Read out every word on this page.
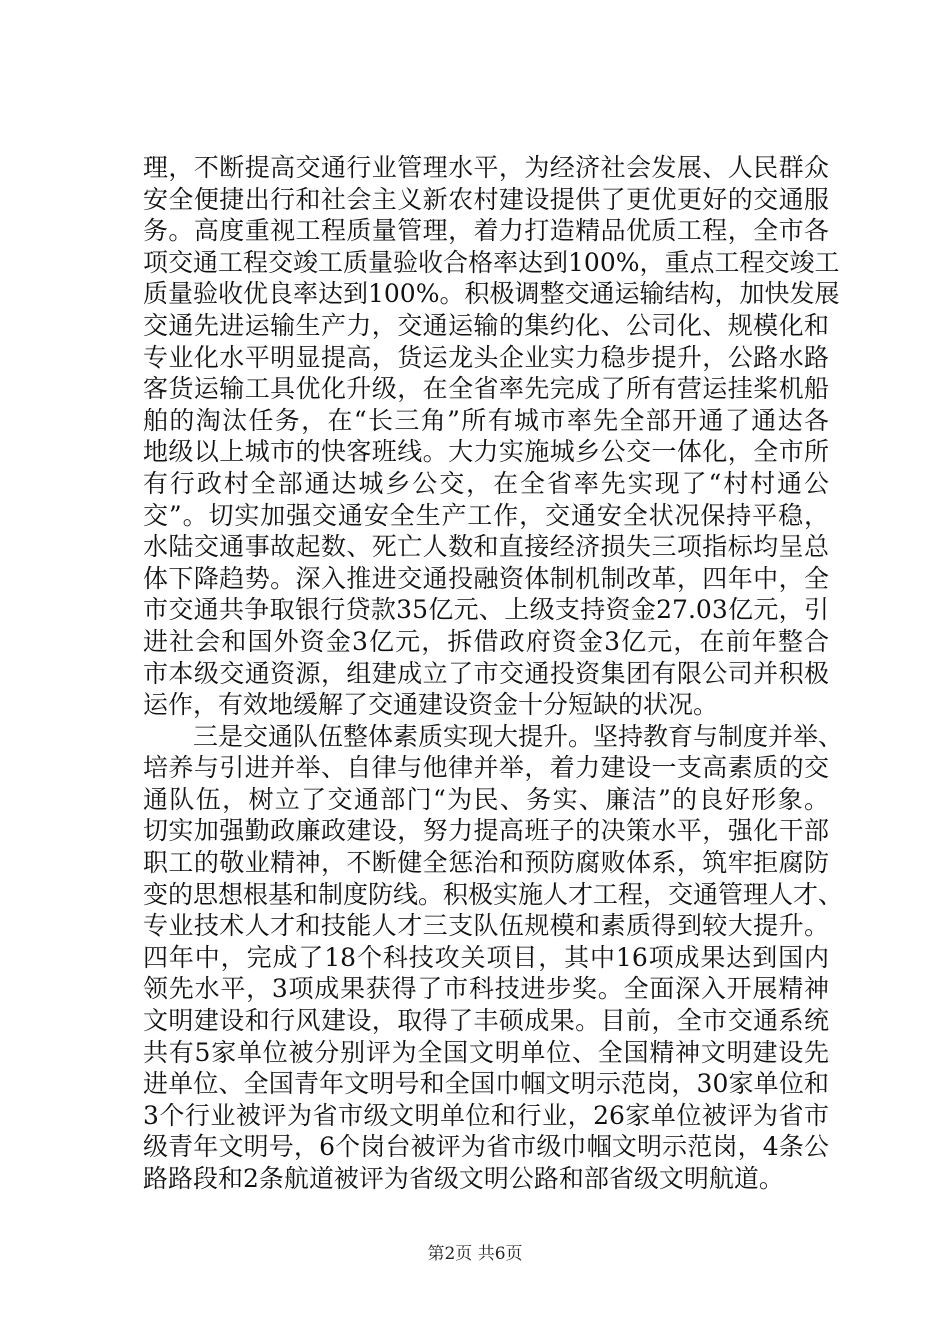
理，不断提高交通行业管理水平，为经济社会发展、人民群众
安全便捷出行和社会主义新农村建设提供了更优更好的交通服
务。高度重视工程质量管理，着力打造精品优质工程，全市各
项交通工程交竣工质量验收合格率达到100%，重点工程交竣工
质量验收优良率达到100%。积极调整交通运输结构，加快发展
交通先进运输生产力，交通运输的集约化、公司化、规模化和
专业化水平明显提高，货运龙头企业实力稳步提升，公路水路
客货运输工具优化升级，在全省率先完成了所有营运挂桨机船
舶的淘汰任务，在“长三角”所有城市率先全部开通了通达各
地级以上城市的快客班线。大力实施城乡公交一体化，全市所
有行政村全部通达城乡公交，在全省率先实现了“村村通公
交”。切实加强交通安全生产工作，交通安全状况保持平稳，
水陆交通事故起数、死亡人数和直接经济损失三项指标均呈总
体下降趋势。深入推进交通投融资体制机制改革，四年中，全
市交通共争取银行贷款35亿元、上级支持资金27.03亿元，引
进社会和国外资金3亿元，拆借政府资金3亿元，在前年整合
市本级交通资源，组建成立了市交通投资集团有限公司并积极
运作，有效地缓解了交通建设资金十分短缺的状况。
三是交通队伍整体素质实现大提升。坚持教育与制度并举、
培养与引进并举、自律与他律并举，着力建设一支高素质的交
通队伍，树立了交通部门“为民、务实、廉洁”的良好形象。
切实加强勤政廉政建设，努力提高班子的决策水平，强化干部
职工的敬业精神，不断健全惩治和预防腐败体系，筑牢拒腐防
变的思想根基和制度防线。积极实施人才工程，交通管理人才、
专业技术人才和技能人才三支队伍规模和素质得到较大提升。
四年中，完成了18个科技攻关项目，其中16项成果达到国内
领先水平，3项成果获得了市科技进步奖。全面深入开展精神
文明建设和行风建设，取得了丰硕成果。目前，全市交通系统
共有5家单位被分别评为全国文明单位、全国精神文明建设先
进单位、全国青年文明号和全国巾帼文明示范岗，30家单位和
3个行业被评为省市级文明单位和行业，26家单位被评为省市
级青年文明号，6个岗台被评为省市级巾帼文明示范岗，4条公
路路段和2条航道被评为省级文明公路和部省级文明航道。
第2页 共6页
